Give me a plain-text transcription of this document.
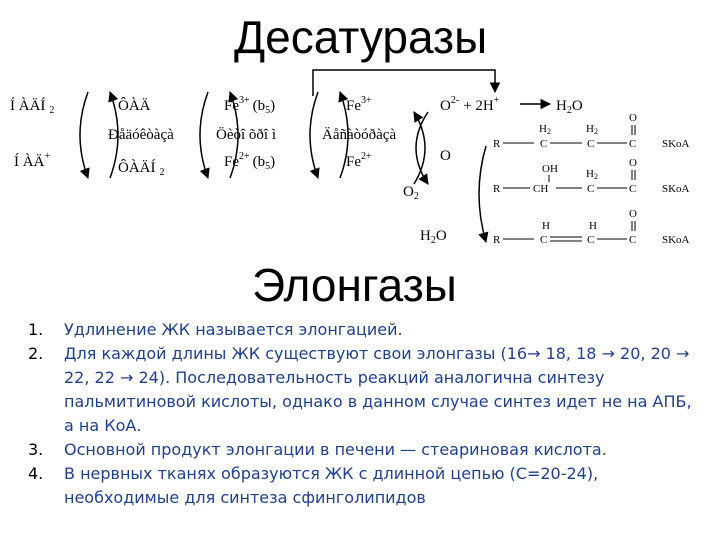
Десатуразы
Í ÀÄÍ $_2$
Í ÀÄ+
ÔÀÄ
Ðåäóêòàçà
ÔÀÄÍ $_2$
$Fe^{3+}$ $(b_5)$
Öèòî õðî ì
$Fe^{2+}$ $(b_5)$
$Fe^{3+}$
Äåñàòóðàçà
$Fe^{2+}$
$O^{2-} + 2H^+$	$H_2O$
O
$O_2$
$H_2O$
R
H2
C
H2
C
O
C SKoA
R
OH
CH
H2
C
O
C SKoA
R
H
C
H
C
O
C SKoA
Элонгазы
1. Удлинение ЖК называется элонгацией.
2. Для каждой длины ЖК существуют свои элонгазы (16→ 18, 18 → 20, 20 → 22, 22 → 24). Последовательность реакций аналогична синтезу пальмитиновой кислоты, однако в данном случае синтез идет не на АПБ, а на КоА.
3. Основной продукт элонгации в печени — стеариновая кислота.
4. В нервных тканях образуются ЖК с длинной цепью (С=20-24), необходимые для синтеза сфинголипидов
